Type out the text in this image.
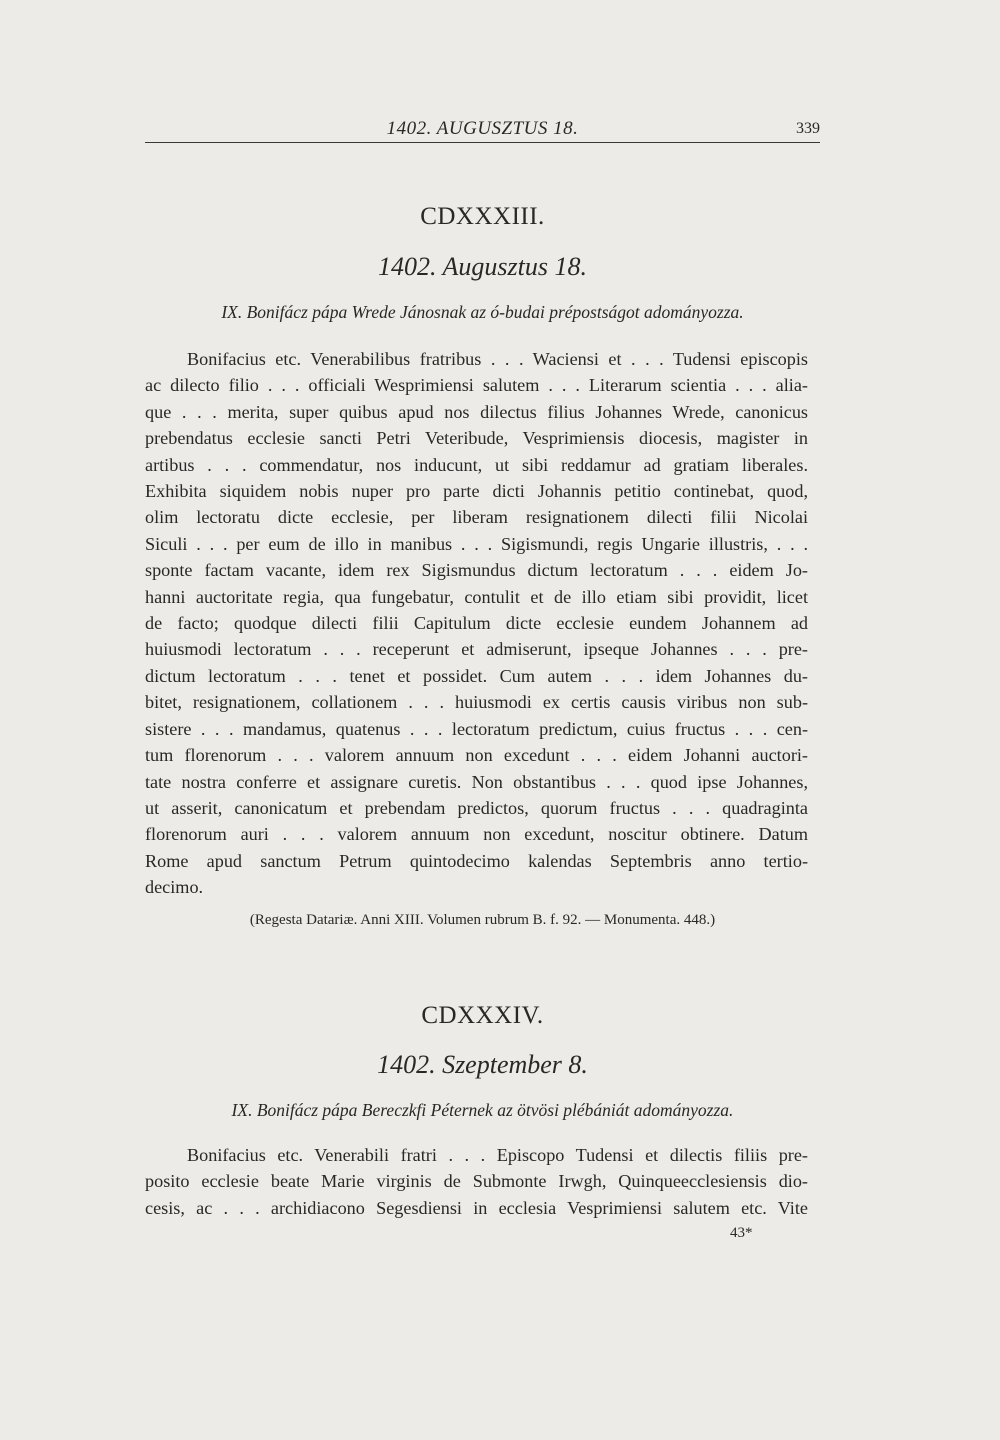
1402. AUGUSZTUS 18.	339
CDXXXIII.
1402. Augusztus 18.
IX. Bonifácz pápa Wrede Jánosnak az ó-budai prépostságot adományozza.
Bonifacius etc. Venerabilibus fratribus . . . Waciensi et . . . Tudensi episcopis
ac dilecto filio . . . officiali Wesprimiensi salutem . . . Literarum scientia . . . alia-
que . . . merita, super quibus apud nos dilectus filius Johannes Wrede, canonicus
prebendatus ecclesie sancti Petri Veteribude, Vesprimiensis diocesis, magister in
artibus . . . commendatur, nos inducunt, ut sibi reddamur ad gratiam liberales.
Exhibita siquidem nobis nuper pro parte dicti Johannis petitio continebat, quod,
olim lectoratu dicte ecclesie, per liberam resignationem dilecti filii Nicolai
Siculi . . . per eum de illo in manibus . . . Sigismundi, regis Ungarie illustris, . . .
sponte factam vacante, idem rex Sigismundus dictum lectoratum . . . eidem Jo-
hanni auctoritate regia, qua fungebatur, contulit et de illo etiam sibi providit, licet
de facto; quodque dilecti filii Capitulum dicte ecclesie eundem Johannem ad
huiusmodi lectoratum . . . receperunt et admiserunt, ipseque Johannes . . . pre-
dictum lectoratum . . . tenet et possidet. Cum autem . . . idem Johannes du-
bitet, resignationem, collationem . . . huiusmodi ex certis causis viribus non sub-
sistere . . . mandamus, quatenus . . . lectoratum predictum, cuius fructus . . . cen-
tum florenorum . . . valorem annuum non excedunt . . . eidem Johanni auctori-
tate nostra conferre et assignare curetis. Non obstantibus . . . quod ipse Johannes,
ut asserit, canonicatum et prebendam predictos, quorum fructus . . . quadraginta
florenorum auri . . . valorem annuum non excedunt, noscitur obtinere. Datum
Rome apud sanctum Petrum quintodecimo kalendas Septembris anno tertio-
decimo.
(Regesta Datariæ. Anni XIII. Volumen rubrum B. f. 92. — Monumenta. 448.)
CDXXXIV.
1402. Szeptember 8.
IX. Bonifácz pápa Bereczkfi Péternek az ötvösi plébániát adományozza.
Bonifacius etc. Venerabili fratri . . . Episcopo Tudensi et dilectis filiis pre-
posito ecclesie beate Marie virginis de Submonte Irwgh, Quinqueecclesiensis dio-
cesis, ac . . . archidiacono Segesdiensi in ecclesia Vesprimiensi salutem etc. Vite
43*
